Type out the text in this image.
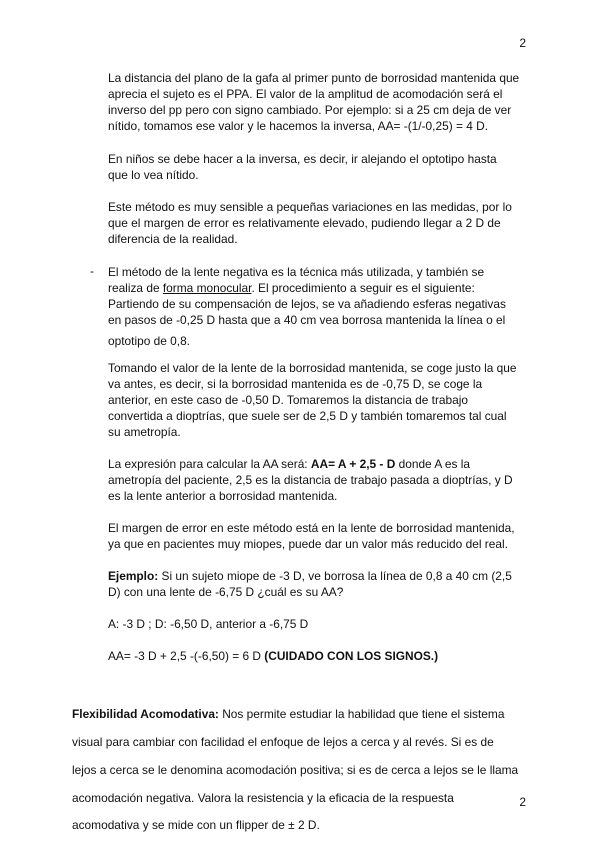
2

La distancia del plano de la gafa al primer punto de borrosidad mantenida que

aprecia el sujeto es el PPA. El valor de la amplitud de acomodación será el

inverso del pp pero con signo cambiado. Por ejemplo: si a 25 cm deja de ver

nítido, tomamos ese valor y le hacemos la inversa, AA= -(1/-0,25) = 4 D.

En niños se debe hacer a la inversa, es decir, ir alejando el optotipo hasta

que lo vea nítido.

Este método es muy sensible a pequeñas variaciones en las medidas, por lo

que el margen de error es relativamente elevado, pudiendo llegar a 2 D de

diferencia de la realidad.

- El método de la lente negativa es la técnica más utilizada, y también se

realiza de forma monocular. El procedimiento a seguir es el siguiente:

Partiendo de su compensación de lejos, se va añadiendo esferas negativas

en pasos de -0,25 D hasta que a 40 cm vea borrosa mantenida la línea o el

optotipo de 0,8.

Tomando el valor de la lente de la borrosidad mantenida, se coge justo la que

va antes, es decir, si la borrosidad mantenida es de -0,75 D, se coge la

anterior, en este caso de -0,50 D. Tomaremos la distancia de trabajo

convertida a dioptrías, que suele ser de 2,5 D y también tomaremos tal cual

su ametropía.

La expresión para calcular la AA será: AA= A + 2,5 - D donde A es la

ametropía del paciente, 2,5 es la distancia de trabajo pasada a dioptrías, y D

es la lente anterior a borrosidad mantenida.

El margen de error en este método está en la lente de borrosidad mantenida,

ya que en pacientes muy miopes, puede dar un valor más reducido del real.

Ejemplo: Si un sujeto miope de -3 D, ve borrosa la línea de 0,8 a 40 cm (2,5

D) con una lente de -6,75 D ¿cuál es su AA?

A: -3 D ; D: -6,50 D, anterior a -6,75 D

AA= -3 D + 2,5 -(-6,50) = 6 D (CUIDADO CON LOS SIGNOS.)

Flexibilidad Acomodativa: Nos permite estudiar la habilidad que tiene el sistema

visual para cambiar con facilidad el enfoque de lejos a cerca y al revés. Si es de

lejos a cerca se le denomina acomodación positiva; si es de cerca a lejos se le llama

acomodación negativa. Valora la resistencia y la eficacia de la respuesta

acomodativa y se mide con un flipper de ± 2 D.

2
